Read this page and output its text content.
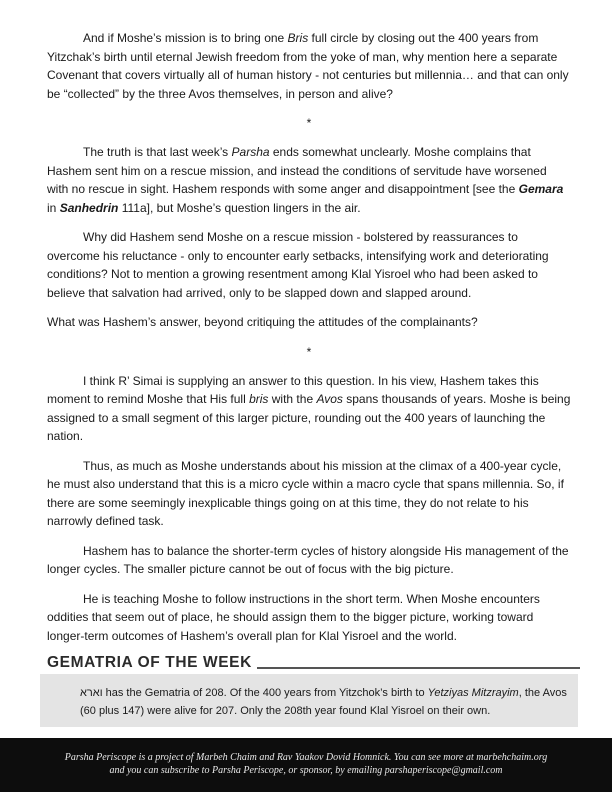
And if Moshe’s mission is to bring one Bris full circle by closing out the 400 years from Yitzchak’s birth until eternal Jewish freedom from the yoke of man, why mention here a separate Covenant that covers virtually all of human history - not centuries but millennia… and that can only be “collected” by the three Avos themselves, in person and alive?

*

The truth is that last week’s Parsha ends somewhat unclearly. Moshe complains that Hashem sent him on a rescue mission, and instead the conditions of servitude have worsened with no rescue in sight. Hashem responds with some anger and disappointment [see the Gemara in Sanhedrin 111a], but Moshe’s question lingers in the air.

Why did Hashem send Moshe on a rescue mission - bolstered by reassurances to overcome his reluctance - only to encounter early setbacks, intensifying work and deteriorating conditions? Not to mention a growing resentment among Klal Yisroel who had been asked to believe that salvation had arrived, only to be slapped down and slapped around.

What was Hashem’s answer, beyond critiquing the attitudes of the complainants?

*

I think R’ Simai is supplying an answer to this question. In his view, Hashem takes this moment to remind Moshe that His full bris with the Avos spans thousands of years. Moshe is being assigned to a small segment of this larger picture, rounding out the 400 years of launching the nation.

Thus, as much as Moshe understands about his mission at the climax of a 400-year cycle, he must also understand that this is a micro cycle within a macro cycle that spans millennia. So, if there are some seemingly inexplicable things going on at this time, they do not relate to his narrowly defined task.

Hashem has to balance the shorter-term cycles of history alongside His management of the longer cycles. The smaller picture cannot be out of focus with the big picture.

He is teaching Moshe to follow instructions in the short term. When Moshe encounters oddities that seem out of place, he should assign them to the bigger picture, working toward longer-term outcomes of Hashem’s overall plan for Klal Yisroel and the world.

GEMATRIA OF THE WEEK

וארא has the Gematria of 208. Of the 400 years from Yitzchok’s birth to Yetziyas Mitzrayim, the Avos (60 plus 147) were alive for 207. Only the 208th year found Klal Yisroel on their own.

Parsha Periscope is a project of Marbeh Chaim and Rav Yaakov Dovid Homnick. You can see more at marbehchaim.org
and you can subscribe to Parsha Periscope, or sponsor, by emailing parshaperiscope@gmail.com
